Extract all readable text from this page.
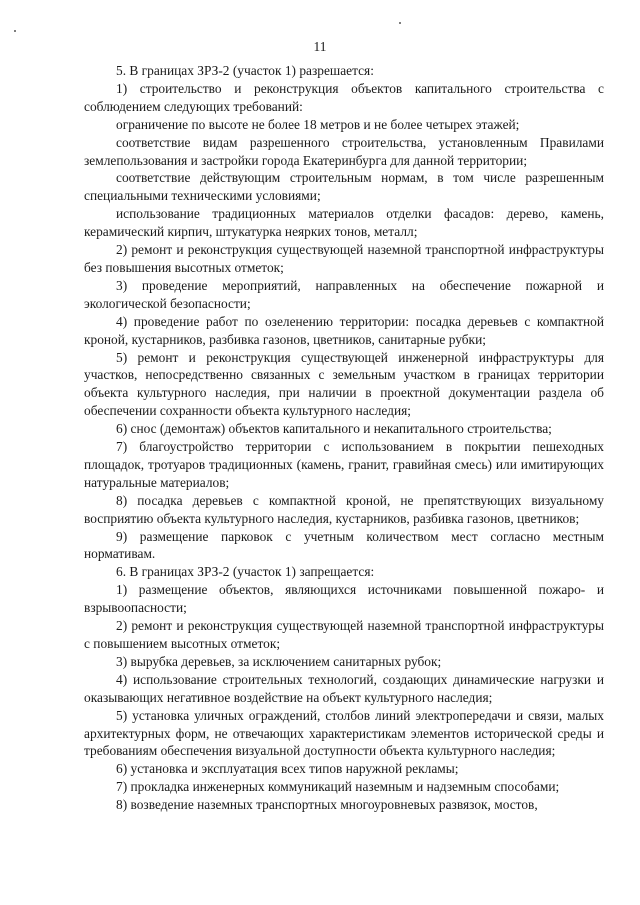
11

5. В границах ЗРЗ-2 (участок 1) разрешается:

1) строительство и реконструкция объектов капитального строительства с соблюдением следующих требований:

ограничение по высоте не более 18 метров и не более четырех этажей;

соответствие видам разрешенного строительства, установленным Правилами землепользования и застройки города Екатеринбурга для данной территории;

соответствие действующим строительным нормам, в том числе разрешенным специальными техническими условиями;

использование традиционных материалов отделки фасадов: дерево, камень, керамический кирпич, штукатурка неярких тонов, металл;

2) ремонт и реконструкция существующей наземной транспортной инфраструктуры без повышения высотных отметок;

3) проведение мероприятий, направленных на обеспечение пожарной и экологической безопасности;

4) проведение работ по озеленению территории: посадка деревьев с компактной кроной, кустарников, разбивка газонов, цветников, санитарные рубки;

5) ремонт и реконструкция существующей инженерной инфраструктуры для участков, непосредственно связанных с земельным участком в границах территории объекта культурного наследия, при наличии в проектной документации раздела об обеспечении сохранности объекта культурного наследия;

6) снос (демонтаж) объектов капитального и некапитального строительства;

7) благоустройство территории с использованием в покрытии пешеходных площадок, тротуаров традиционных (камень, гранит, гравийная смесь) или имитирующих натуральные материалов;

8) посадка деревьев с компактной кроной, не препятствующих визуальному восприятию объекта культурного наследия, кустарников, разбивка газонов, цветников;

9) размещение парковок с учетным количеством мест согласно местным нормативам.

6. В границах ЗРЗ-2 (участок 1) запрещается:

1) размещение объектов, являющихся источниками повышенной пожаро- и взрывоопасности;

2) ремонт и реконструкция существующей наземной транспортной инфраструктуры с повышением высотных отметок;

3) вырубка деревьев, за исключением санитарных рубок;

4) использование строительных технологий, создающих динамические нагрузки и оказывающих негативное воздействие на объект культурного наследия;

5) установка уличных ограждений, столбов линий электропередачи и связи, малых архитектурных форм, не отвечающих характеристикам элементов исторической среды и требованиям обеспечения визуальной доступности объекта культурного наследия;

6) установка и эксплуатация всех типов наружной рекламы;

7) прокладка инженерных коммуникаций наземным и надземным способами;

8) возведение наземных транспортных многоуровневых развязок, мостов,
